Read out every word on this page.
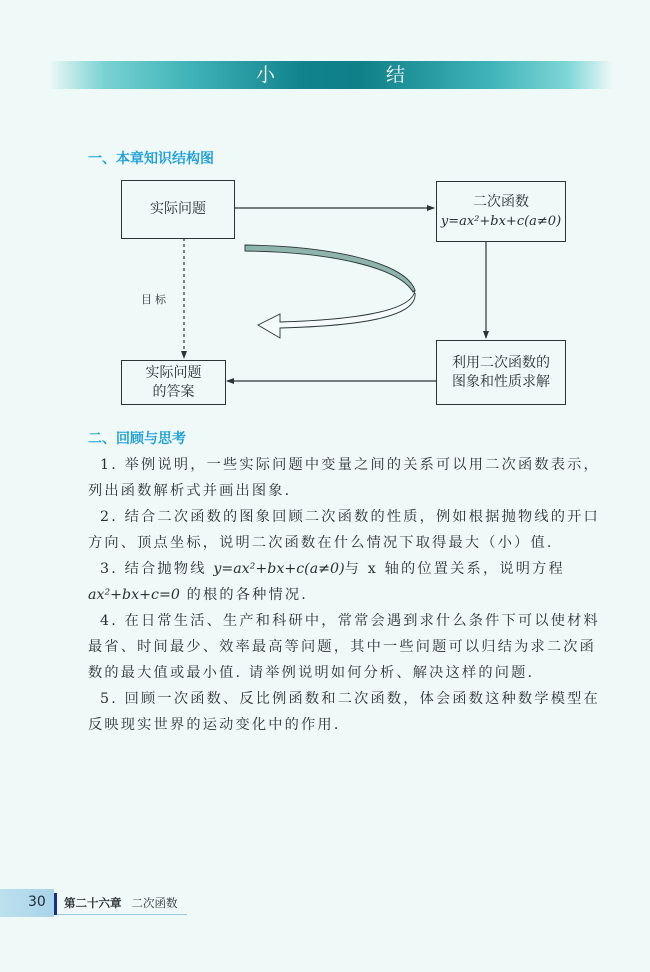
小　结
一、本章知识结构图
实际问题	二次函数
y=ax²+bx+c(a≠0)
利用二次函数的
图象和性质求解
实际问题
的答案
目标
二、回顾与思考

1. 举例说明，一些实际问题中变量之间的关系可以用二次函数表示，列出函数解析式并画出图象.

2. 结合二次函数的图象回顾二次函数的性质，例如根据抛物线的开口方向、顶点坐标，说明二次函数在什么情况下取得最大（小）值.

3. 结合抛物线 y=ax²+bx+c(a≠0)与 x 轴的位置关系，说明方程 ax²+bx+c=0 的根的各种情况.

4. 在日常生活、生产和科研中，常常会遇到求什么条件下可以使材料最省、时间最少、效率最高等问题，其中一些问题可以归结为求二次函数的最大值或最小值. 请举例说明如何分析、解决这样的问题.

5. 回顾一次函数、反比例函数和二次函数，体会函数这种数学模型在反映现实世界的运动变化中的作用.

30 第二十六章 二次函数
